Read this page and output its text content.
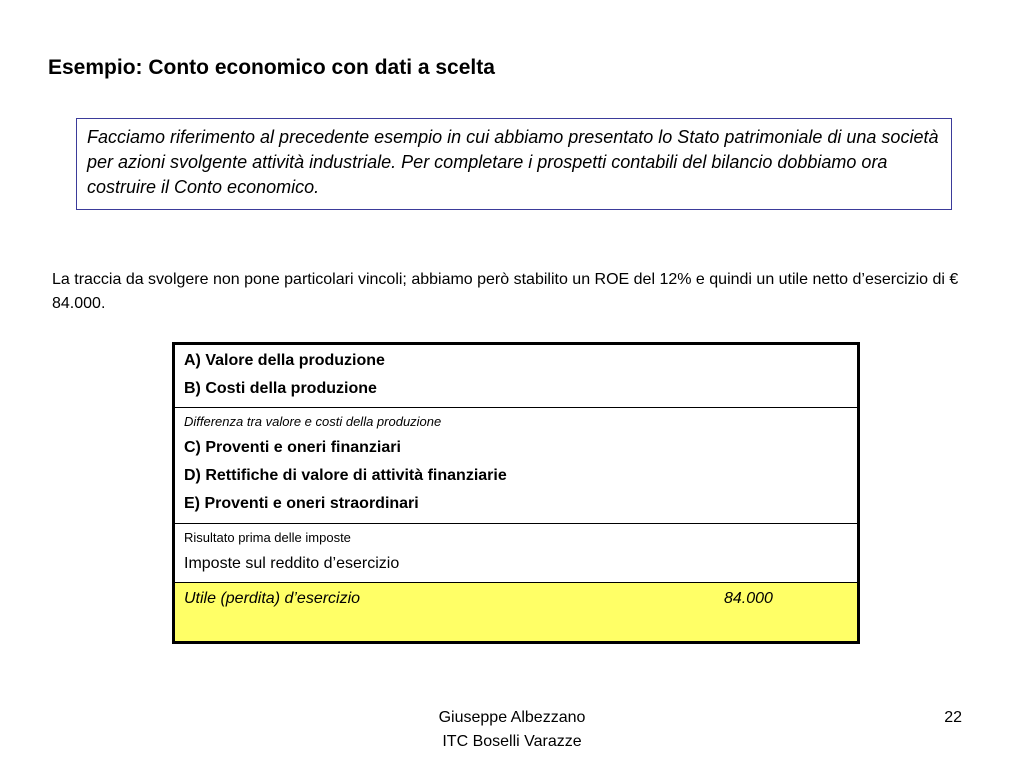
Esempio: Conto economico con dati a scelta
Facciamo riferimento al precedente esempio in cui abbiamo presentato lo Stato patrimoniale di una società per azioni svolgente attività industriale. Per completare i prospetti contabili del bilancio dobbiamo ora costruire il Conto economico.
La traccia da svolgere non pone particolari vincoli; abbiamo però stabilito un ROE del 12% e quindi un utile netto d’esercizio di € 84.000.
A) Valore della produzione
B) Costi della produzione
Differenza tra valore e costi della produzione
C) Proventi e oneri finanziari
D) Rettifiche di valore di attività finanziarie
E) Proventi e oneri straordinari
Risultato prima delle imposte
Imposte sul reddito d’esercizio
Utile (perdita) d’esercizio	84.000
Giuseppe Albezzano
ITC Boselli Varazze
22
